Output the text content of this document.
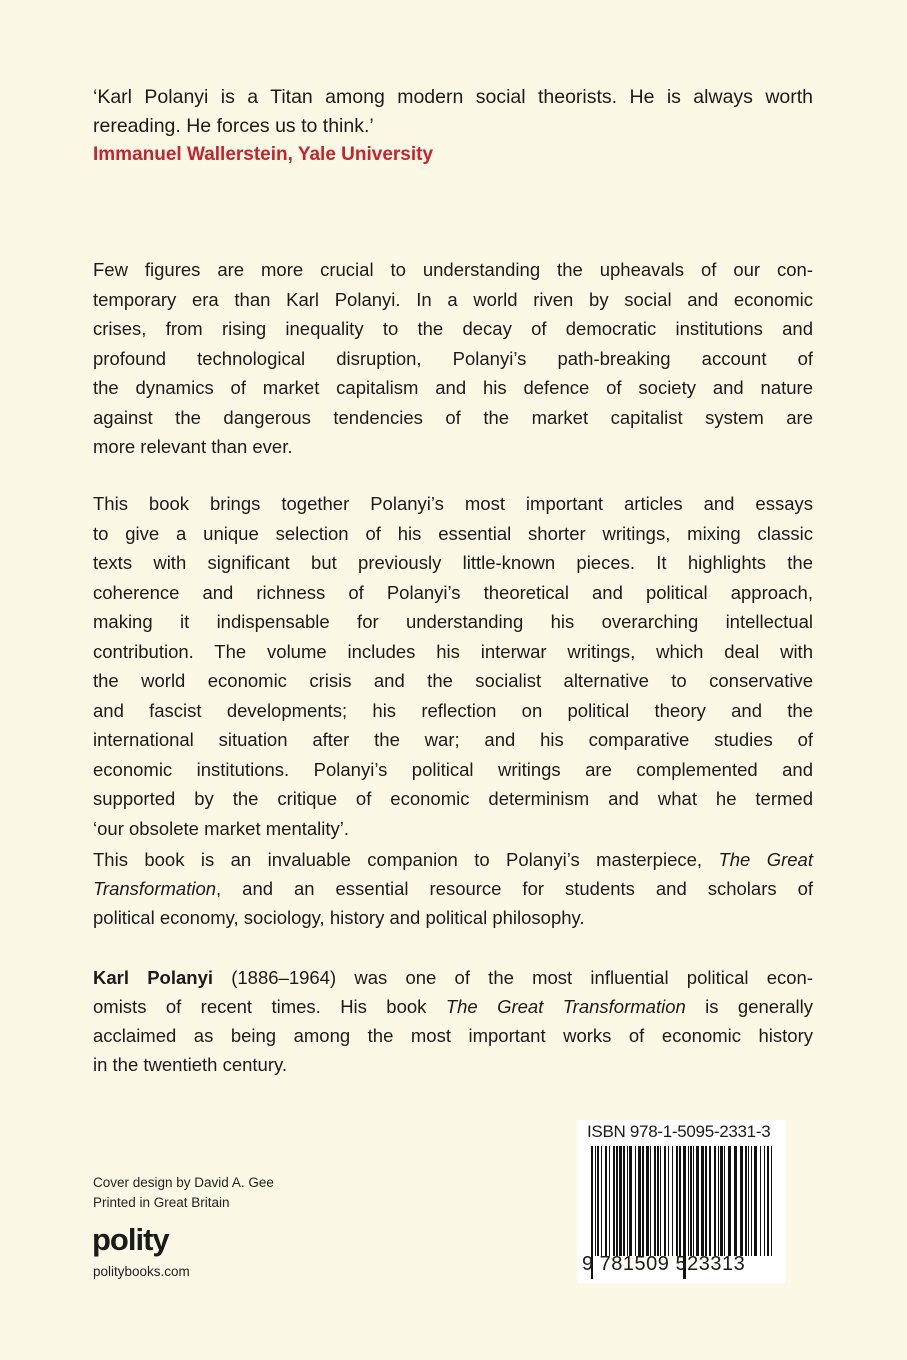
‘Karl Polanyi is a Titan among modern social theorists. He is always worth
rereading. He forces us to think.’
Immanuel Wallerstein, Yale University
Few figures are more crucial to understanding the upheavals of our con-
temporary era than Karl Polanyi. In a world riven by social and economic
crises, from rising inequality to the decay of democratic institutions and
profound technological disruption, Polanyi’s path-breaking account of
the dynamics of market capitalism and his defence of society and nature
against the dangerous tendencies of the market capitalist system are
more relevant than ever.
This book brings together Polanyi’s most important articles and essays
to give a unique selection of his essential shorter writings, mixing classic
texts with significant but previously little-known pieces. It highlights the
coherence and richness of Polanyi’s theoretical and political approach,
making it indispensable for understanding his overarching intellectual
contribution. The volume includes his interwar writings, which deal with
the world economic crisis and the socialist alternative to conservative
and fascist developments; his reflection on political theory and the
international situation after the war; and his comparative studies of
economic institutions. Polanyi’s political writings are complemented and
supported by the critique of economic determinism and what he termed
‘our obsolete market mentality’.
This book is an invaluable companion to Polanyi’s masterpiece, The Great
Transformation, and an essential resource for students and scholars of
political economy, sociology, history and political philosophy.
Karl Polanyi (1886–1964) was one of the most influential political econ-
omists of recent times. His book The Great Transformation is generally
acclaimed as being among the most important works of economic history
in the twentieth century.
Cover design by David A. Gee
Printed in Great Britain
polity
politybooks.com
ISBN 978-1-5095-2331-3
9 781509 523313
